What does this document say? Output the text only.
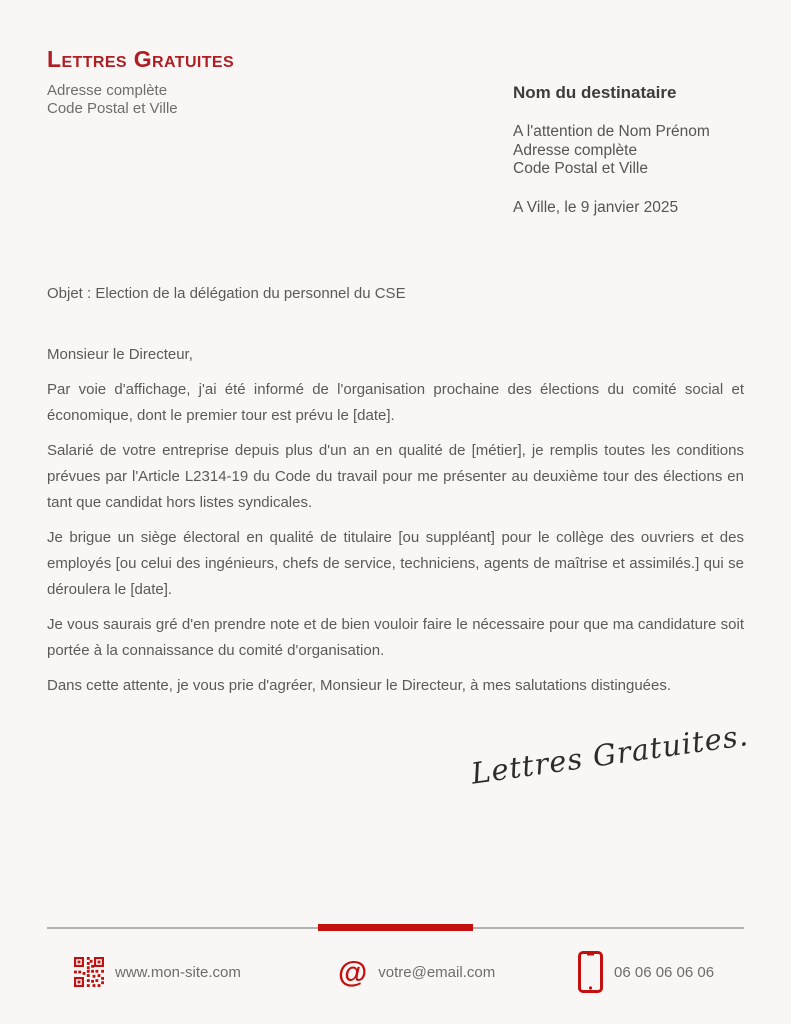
Lettres Gratuites
Adresse complète
Code Postal et Ville

Nom du destinataire

A l'attention de Nom Prénom
Adresse complète
Code Postal et Ville
A Ville, le 9 janvier 2025
Objet : Election de la délégation du personnel du CSE

Monsieur le Directeur,

Par voie d'affichage, j'ai été informé de l'organisation prochaine des élections du comité social et économique, dont le premier tour est prévu le [date].

Salarié de votre entreprise depuis plus d'un an en qualité de [métier], je remplis toutes les conditions prévues par l'Article L2314-19 du Code du travail pour me présenter au deuxième tour des élections en tant que candidat hors listes syndicales.

Je brigue un siège électoral en qualité de titulaire [ou suppléant] pour le collège des ouvriers et des employés [ou celui des ingénieurs, chefs de service, techniciens, agents de maîtrise et assimilés.] qui se déroulera le [date].

Je vous saurais gré d'en prendre note et de bien vouloir faire le nécessaire pour que ma candidature soit portée à la connaissance du comité d'organisation.

Dans cette attente, je vous prie d'agréer, Monsieur le Directeur, à mes salutations distinguées.

Lettres Gratuites.
www.mon-site.com	@ votre@email.com	06 06 06 06 06
